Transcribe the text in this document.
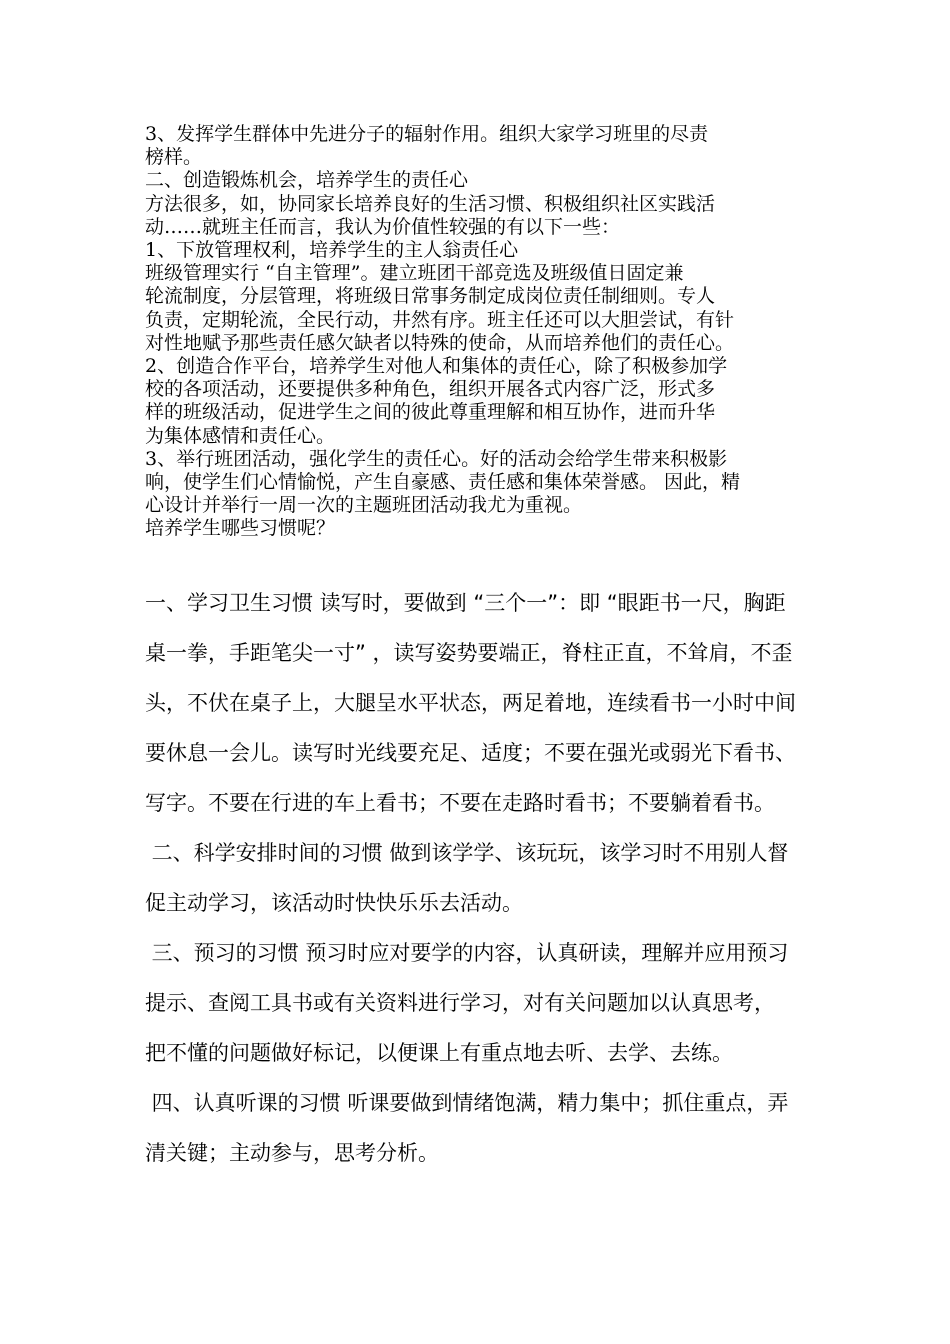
3、发挥学生群体中先进分子的辐射作用。组织大家学习班里的尽责

榜样。

二、创造锻炼机会，培养学生的责任心

方法很多，如，协同家长培养良好的生活习惯、积极组织社区实践活

动……就班主任而言，我认为价值性较强的有以下一些：

1、下放管理权利，培养学生的主人翁责任心

班级管理实行 “自主管理”。建立班团干部竞选及班级值日固定兼

轮流制度，分层管理，将班级日常事务制定成岗位责任制细则。专人

负责，定期轮流，全民行动，井然有序。班主任还可以大胆尝试，有针

对性地赋予那些责任感欠缺者以特殊的使命，从而培养他们的责任心。

2、创造合作平台，培养学生对他人和集体的责任心，除了积极参加学

校的各项活动，还要提供多种角色，组织开展各式内容广泛，形式多

样的班级活动，促进学生之间的彼此尊重理解和相互协作，进而升华

为集体感情和责任心。

3、举行班团活动，强化学生的责任心。好的活动会给学生带来积极影

响，使学生们心情愉悦，产生自豪感、责任感和集体荣誉感。 因此，精

心设计并举行一周一次的主题班团活动我尤为重视。

培养学生哪些习惯呢？

一、学习卫生习惯 读写时，要做到 “三个一”：即 “眼距书一尺，胸距

桌一拳，手距笔尖一寸” ，读写姿势要端正，脊柱正直，不耸肩，不歪

头，不伏在桌子上，大腿呈水平状态，两足着地，连续看书一小时中间

要休息一会儿。读写时光线要充足、适度；不要在强光或弱光下看书、

写字。不要在行进的车上看书；不要在走路时看书；不要躺着看书。

二、科学安排时间的习惯 做到该学学、该玩玩，该学习时不用别人督

促主动学习，该活动时快快乐乐去活动。

三、预习的习惯 预习时应对要学的内容，认真研读，理解并应用预习

提示、查阅工具书或有关资料进行学习，对有关问题加以认真思考，

把不懂的问题做好标记，以便课上有重点地去听、去学、去练。

四、认真听课的习惯 听课要做到情绪饱满，精力集中；抓住重点，弄

清关键；主动参与，思考分析。
